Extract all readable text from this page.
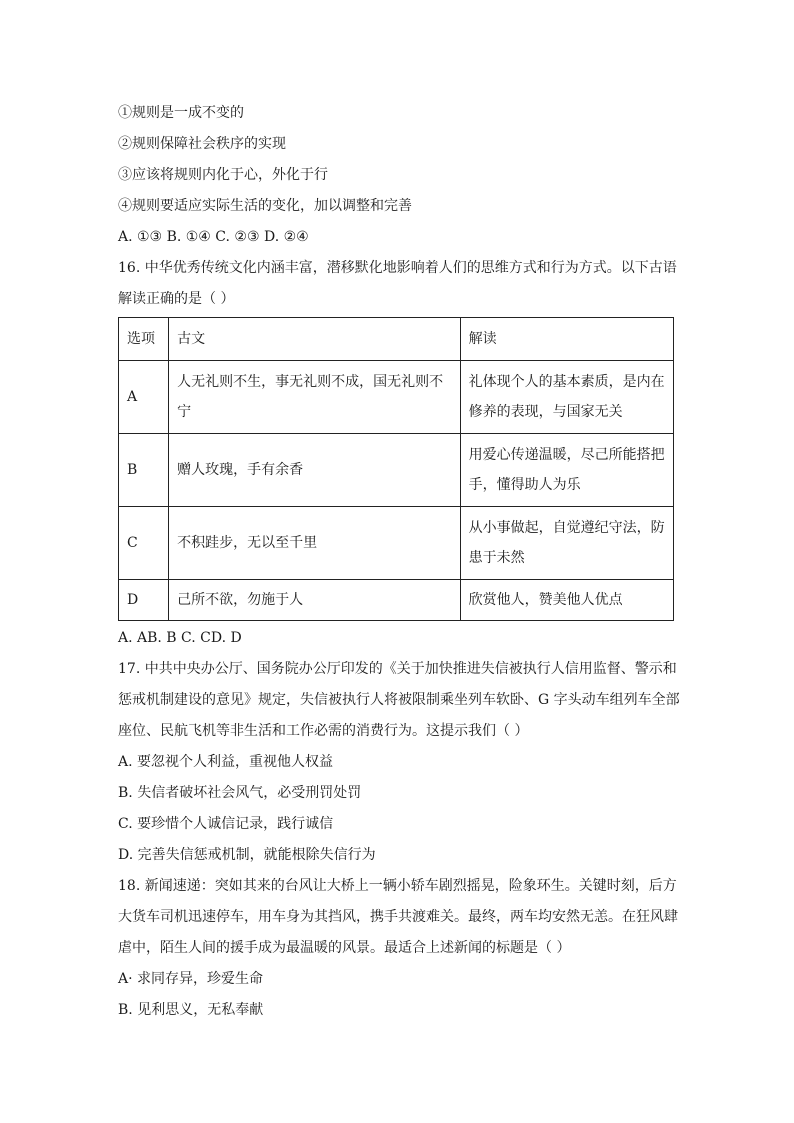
①规则是一成不变的
②规则保障社会秩序的实现
③应该将规则内化于心，外化于行
④规则要适应实际生活的变化，加以调整和完善
A. ①③ B. ①④ C. ②③ D. ②④
16. 中华优秀传统文化内涵丰富，潜移默化地影响着人们的思维方式和行为方式。以下古语
解读正确的是（ ）
选项	古文	解读
A	人无礼则不生，事无礼则不成，国无礼则不宁	礼体现个人的基本素质，是内在
修养的表现，与国家无关

B	赠人玫瑰，手有余香	用爱心传递温暖，尽己所能搭把
手，懂得助人为乐

C	不积跬步，无以至千里	从小事做起，自觉遵纪守法，防
患于未然

D	己所不欲，勿施于人	欣赏他人，赞美他人优点
A. AB. B C. CD. D
17. 中共中央办公厅、国务院办公厅印发的《关于加快推进失信被执行人信用监督、警示和
惩戒机制建设的意见》规定，失信被执行人将被限制乘坐列车软卧、G 字头动车组列车全部
座位、民航飞机等非生活和工作必需的消费行为。这提示我们（ ）
A. 要忽视个人利益，重视他人权益
B. 失信者破坏社会风气，必受刑罚处罚
C. 要珍惜个人诚信记录，践行诚信
D. 完善失信惩戒机制，就能根除失信行为
18. 新闻速递：突如其来的台风让大桥上一辆小轿车剧烈摇晃，险象环生。关键时刻，后方
大货车司机迅速停车，用车身为其挡风，携手共渡难关。最终，两车均安然无恙。在狂风肆
虐中，陌生人间的援手成为最温暖的风景。最适合上述新闻的标题是（ ）
A· 求同存异，珍爱生命
B. 见利思义，无私奉献
